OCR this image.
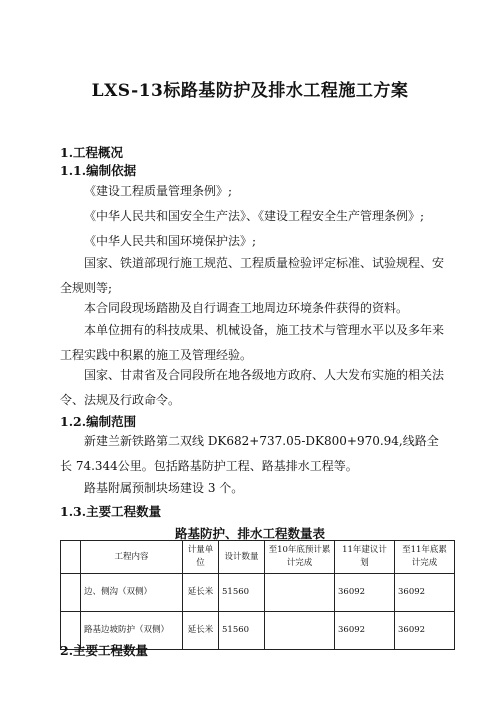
LXS-13标路基防护及排水工程施工方案
1.工程概况
1.1.编制依据
《建设工程质量管理条例》;
《中华人民共和国安全生产法》、《建设工程安全生产管理条例》;
《中华人民共和国环境保护法》;
国家、铁道部现行施工规范、工程质量检验评定标准、试验规程、安全规则等;
本合同段现场踏勘及自行调查工地周边环境条件获得的资料。
本单位拥有的科技成果、机械设备，施工技术与管理水平以及多年来工程实践中积累的施工及管理经验。
国家、甘肃省及合同段所在地各级地方政府、人大发布实施的相关法令、法规及行政命令。
1.2.编制范围
新建兰新铁路第二双线 DK682+737.05-DK800+970.94,线路全长 74.344公里。包括路基防护工程、路基排水工程等。
路基附属预制块场建设 3 个。
1.3.主要工程数量
路基防护、排水工程数量表
	工程内容	计量单位	设计数量	至10年底预计累计完成	11年建议计划	至11年底累计完成
	边、侧沟（双侧）	延长米	51560		36092	36092
	路基边坡防护（双侧）	延长米	51560		36092	36092
2.主要工程数量
